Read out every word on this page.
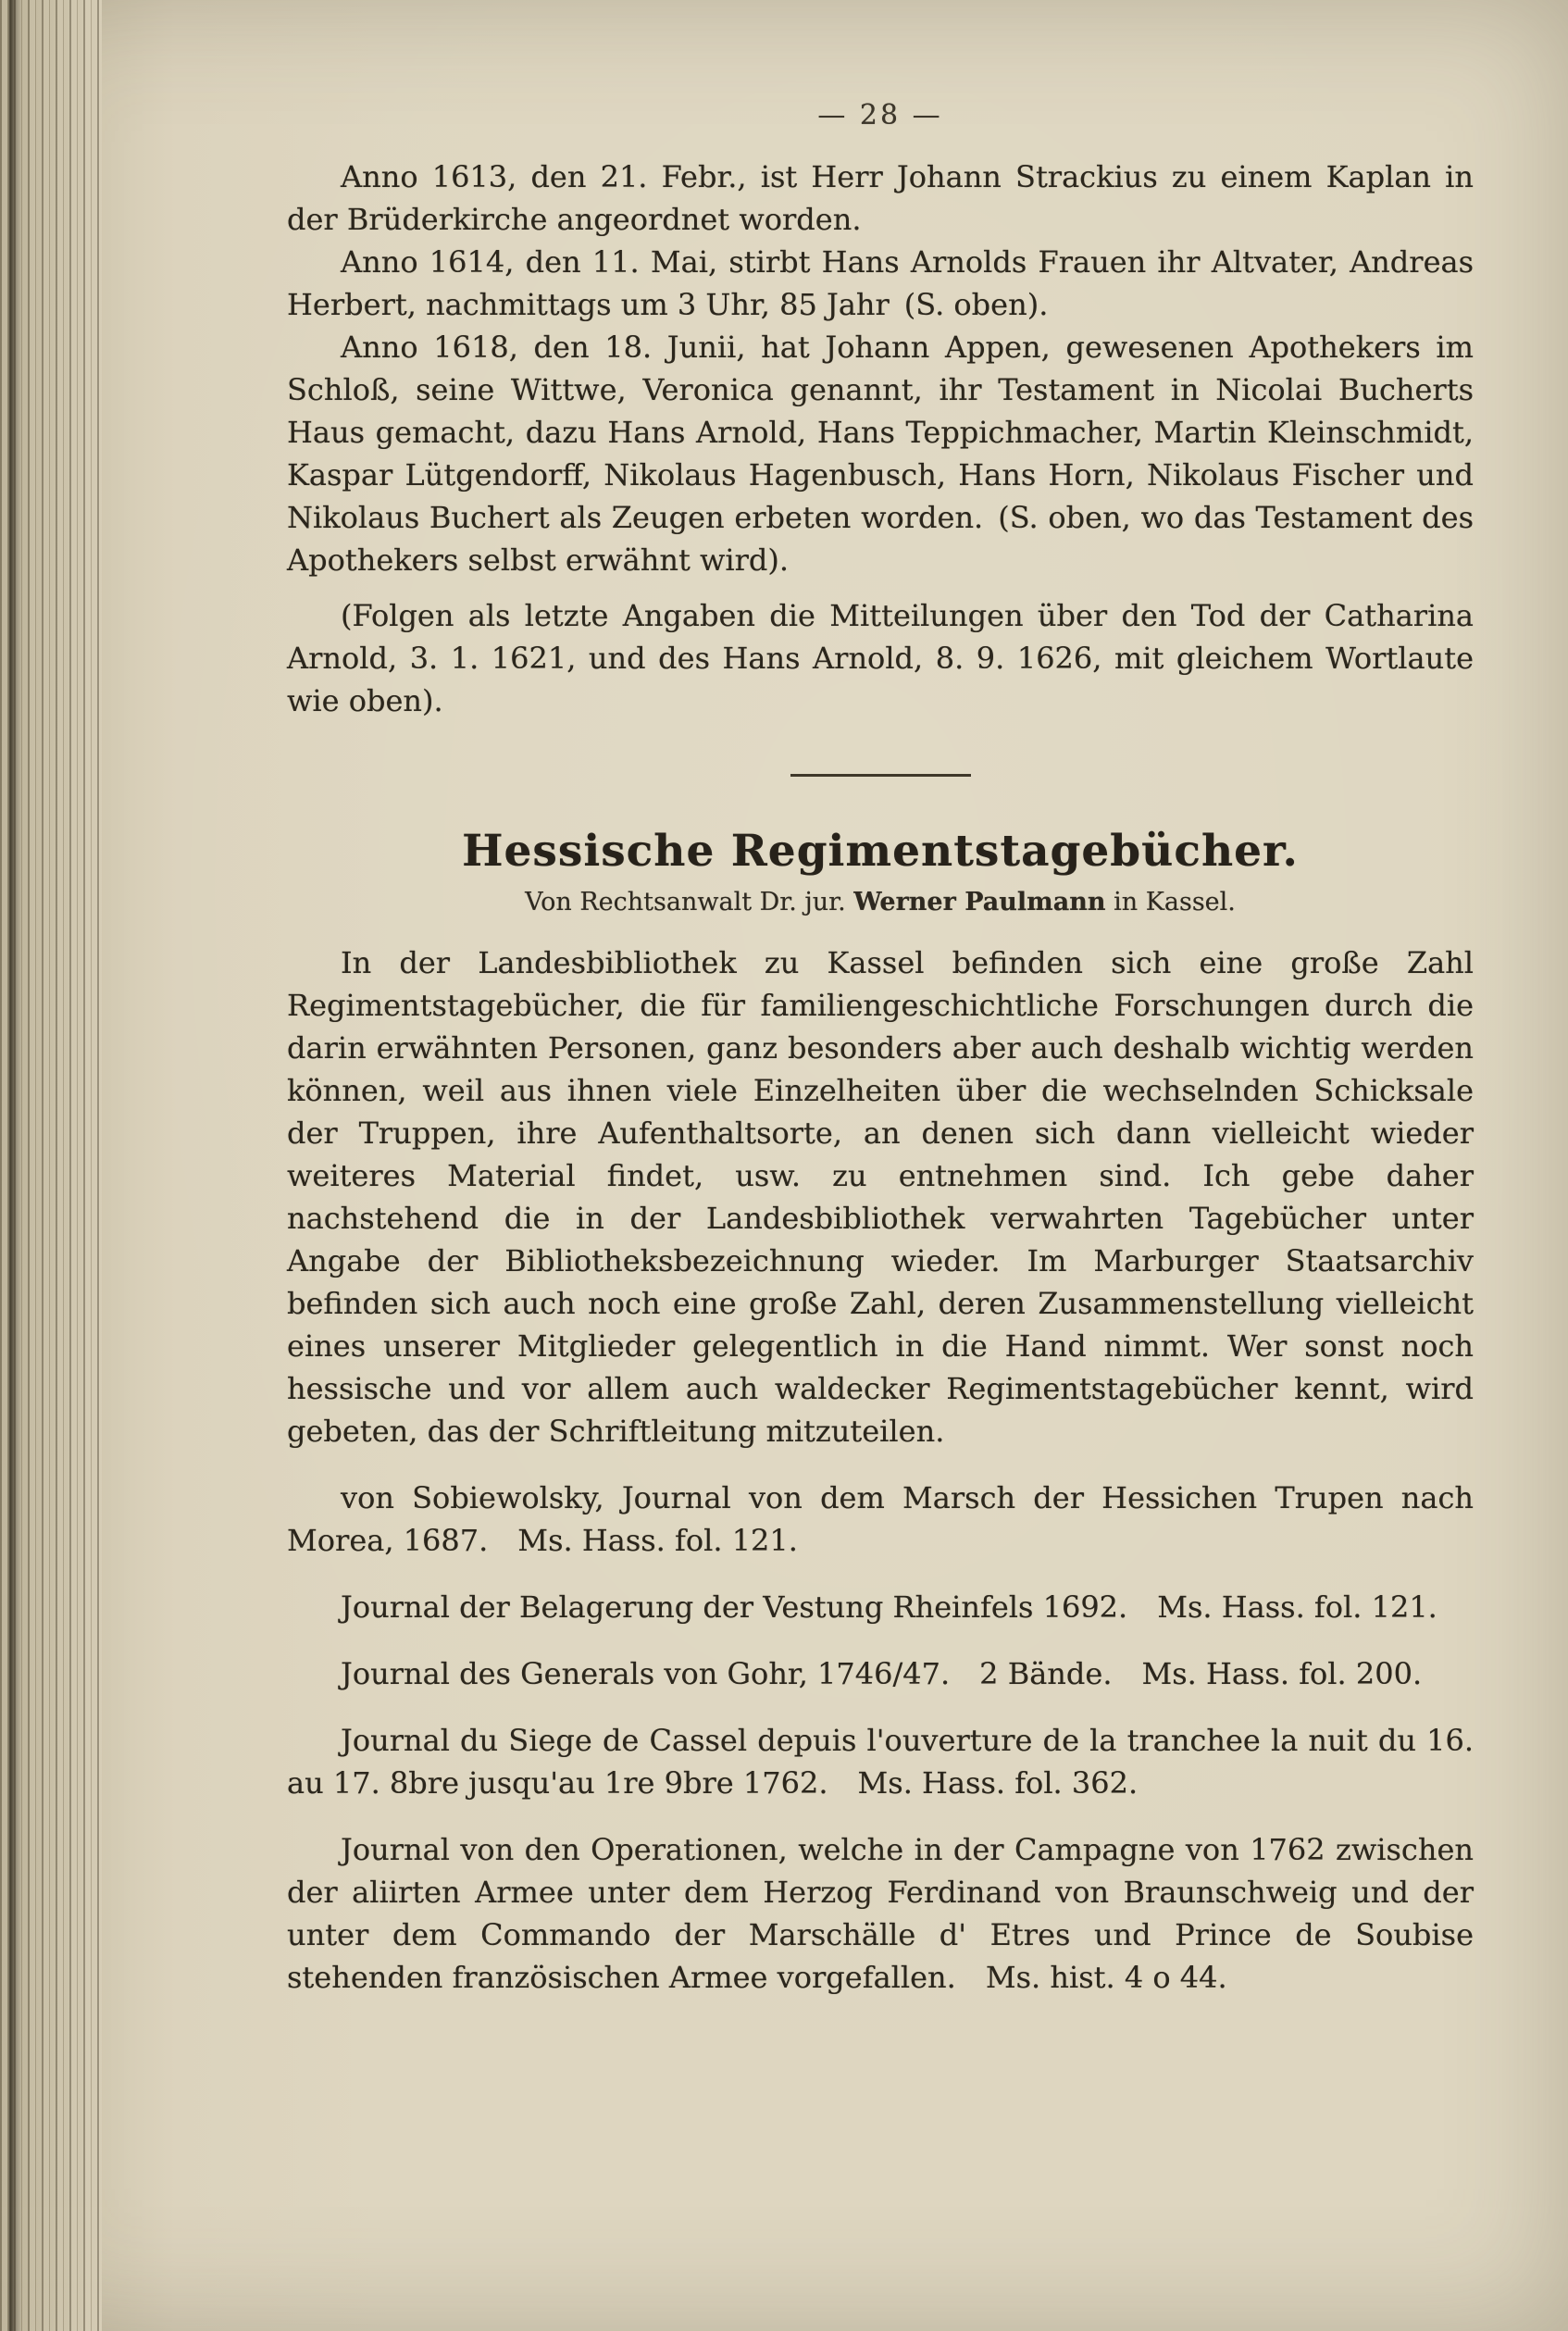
— 28 —

Anno 1613, den 21. Febr., ist Herr Johann Strackius zu einem Kaplan in der Brüderkirche angeordnet worden.

Anno 1614, den 11. Mai, stirbt Hans Arnolds Frauen ihr Altvater, Andreas Herbert, nachmittags um 3 Uhr, 85 Jahr (S. oben).

Anno 1618, den 18. Junii, hat Johann Appen, gewesenen Apothekers im Schloß, seine Wittwe, Veronica genannt, ihr Testament in Nicolai Bucherts Haus gemacht, dazu Hans Arnold, Hans Teppichmacher, Martin Kleinschmidt, Kaspar Lütgendorff, Nikolaus Hagenbusch, Hans Horn, Nikolaus Fischer und Nikolaus Buchert als Zeugen erbeten worden. (S. oben, wo das Testament des Apothekers selbst erwähnt wird).

(Folgen als letzte Angaben die Mitteilungen über den Tod der Catharina Arnold, 3. 1. 1621, und des Hans Arnold, 8. 9. 1626, mit gleichem Wortlaute wie oben).

Hessische Regimentstagebücher.
Von Rechtsanwalt Dr. jur. Werner Paulmann in Kassel.

In der Landesbibliothek zu Kassel befinden sich eine große Zahl Regimentstagebücher, die für familiengeschichtliche Forschungen durch die darin erwähnten Personen, ganz besonders aber auch deshalb wichtig werden können, weil aus ihnen viele Einzelheiten über die wechselnden Schicksale der Truppen, ihre Aufenthaltsorte, an denen sich dann vielleicht wieder weiteres Material findet, usw. zu entnehmen sind. Ich gebe daher nachstehend die in der Landesbibliothek verwahrten Tagebücher unter Angabe der Bibliotheksbezeichnung wieder. Im Marburger Staatsarchiv befinden sich auch noch eine große Zahl, deren Zusammenstellung vielleicht eines unserer Mitglieder gelegentlich in die Hand nimmt. Wer sonst noch hessische und vor allem auch waldecker Regimentstagebücher kennt, wird gebeten, das der Schriftleitung mitzuteilen.

von Sobiewolsky, Journal von dem Marsch der Hessichen Trupen nach Morea, 1687.  Ms. Hass. fol. 121.

Journal der Belagerung der Vestung Rheinfels 1692.  Ms. Hass. fol. 121.

Journal des Generals von Gohr, 1746/47.  2 Bände.  Ms. Hass. fol. 200.

Journal du Siege de Cassel depuis l'ouverture de la tranchee la nuit du 16. au 17. 8bre jusqu'au 1re 9bre 1762.  Ms. Hass. fol. 362.

Journal von den Operationen, welche in der Campagne von 1762 zwischen der aliirten Armee unter dem Herzog Ferdinand von Braunschweig und der unter dem Commando der Marschälle d' Etres und Prince de Soubise stehenden französischen Armee vorgefallen.  Ms. hist. 4 o 44.
